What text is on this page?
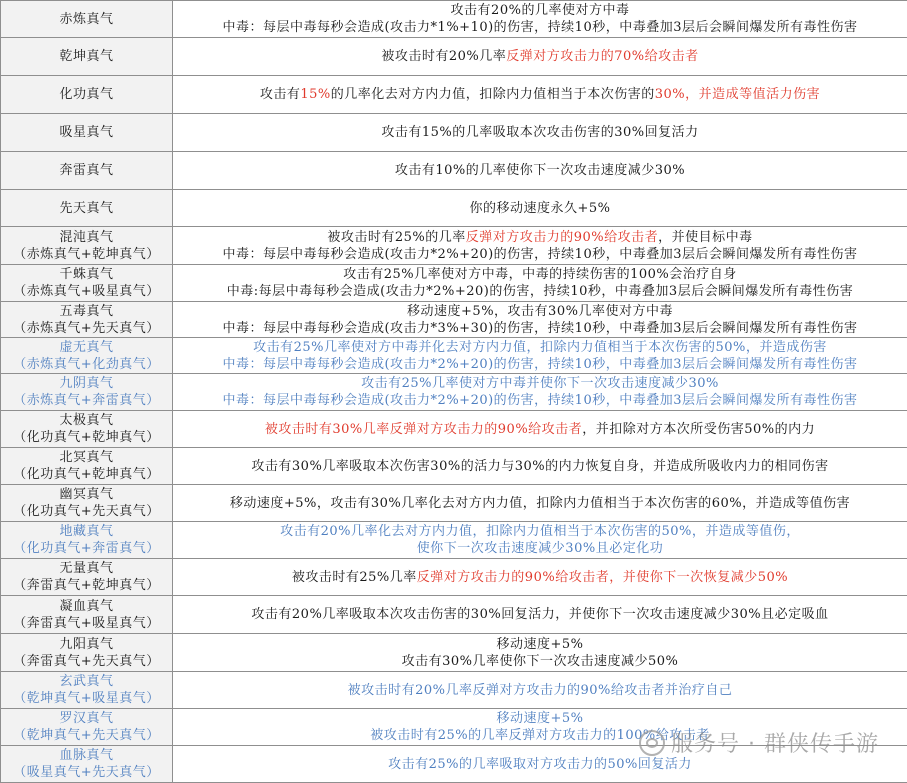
赤炼真气	攻击有20%的几率使对方中毒
中毒：每层中毒每秒会造成(攻击力*1%+10)的伤害，持续10秒，中毒叠加3层后会瞬间爆发所有毒性伤害

乾坤真气	被攻击时有20%几率反弹对方攻击力的70%给攻击者

化功真气	攻击有15%的几率化去对方内力值，扣除内力值相当于本次伤害的30%，并造成等值活力伤害

吸星真气	攻击有15%的几率吸取本次攻击伤害的30%回复活力

奔雷真气	攻击有10%的几率使你下一次攻击速度减少30%

先天真气	你的移动速度永久+5%

混沌真气
（赤炼真气+乾坤真气）	被攻击时有25%的几率反弹对方攻击力的90%给攻击者，并使目标中毒
中毒：每层中毒每秒会造成(攻击力*2%+20)的伤害，持续10秒，中毒叠加3层后会瞬间爆发所有毒性伤害

千蛛真气
（赤炼真气+吸星真气）	攻击有25%几率使对方中毒，中毒的持续伤害的100%会治疗自身
中毒:每层中毒每秒会造成(攻击力*2%+20)的伤害，持续10秒，中毒叠加3层后会瞬间爆发所有毒性伤害

五毒真气
（赤炼真气+先天真气）	移动速度+5%，攻击有30%几率使对方中毒
中毒：每层中毒每秒会造成(攻击力*3%+30)的伤害，持续10秒，中毒叠加3层后会瞬间爆发所有毒性伤害

虚无真气
（赤炼真气+化劲真气）	攻击有25%几率使对方中毒并化去对方内力值，扣除内力值相当于本次伤害的50%，并造成伤害
中毒：每层中毒每秒会造成(攻击力*2%+20)的伤害，持续10秒，中毒叠加3层后会瞬间爆发所有毒性伤害

九阴真气
（赤炼真气+奔雷真气）	攻击有25%几率使对方中毒并使你下一次攻击速度减少30%
中毒：每层中毒每秒会造成(攻击力*2%+20)的伤害，持续10秒，中毒叠加3层后会瞬间爆发所有毒性伤害

太极真气
（化功真气+乾坤真气）	被攻击时有30%几率反弹对方攻击力的90%给攻击者，并扣除对方本次所受伤害50%的内力

北冥真气
（化功真气+乾坤真气）	攻击有30%几率吸取本次伤害30%的活力与30%的内力恢复自身，并造成所吸收内力的相同伤害

幽冥真气
（化功真气+先天真气）	移动速度+5%，攻击有30%几率化去对方内力值，扣除内力值相当于本次伤害的60%，并造成等值伤害

地藏真气
（化功真气+奔雷真气）	攻击有20%几率化去对方内力值，扣除内力值相当于本次伤害的50%，并造成等值伤，
使你下一次攻击速度减少30%且必定化功

无量真气
（奔雷真气+乾坤真气）	被攻击时有25%几率反弹对方攻击力的90%给攻击者，并使你下一次恢复减少50%

凝血真气
（奔雷真气+吸星真气）	攻击有20%几率吸取本次攻击伤害的30%回复活力，并使你下一次攻击速度减少30%且必定吸血

九阳真气
（奔雷真气+先天真气）	移动速度+5%
攻击有30%几率使你下一次攻击速度减少50%

玄武真气
（乾坤真气+吸星真气）	被攻击时有20%几率反弹对方攻击力的90%给攻击者并治疗自己

罗汉真气
（乾坤真气+先天真气）	移动速度+5%
被攻击时有25%的几率反弹对方攻击力的100%给攻击者

血脉真气
（吸星真气+先天真气）	攻击有25%的几率吸取对方攻击力的50%回复活力
服务号 · 群侠传手游
